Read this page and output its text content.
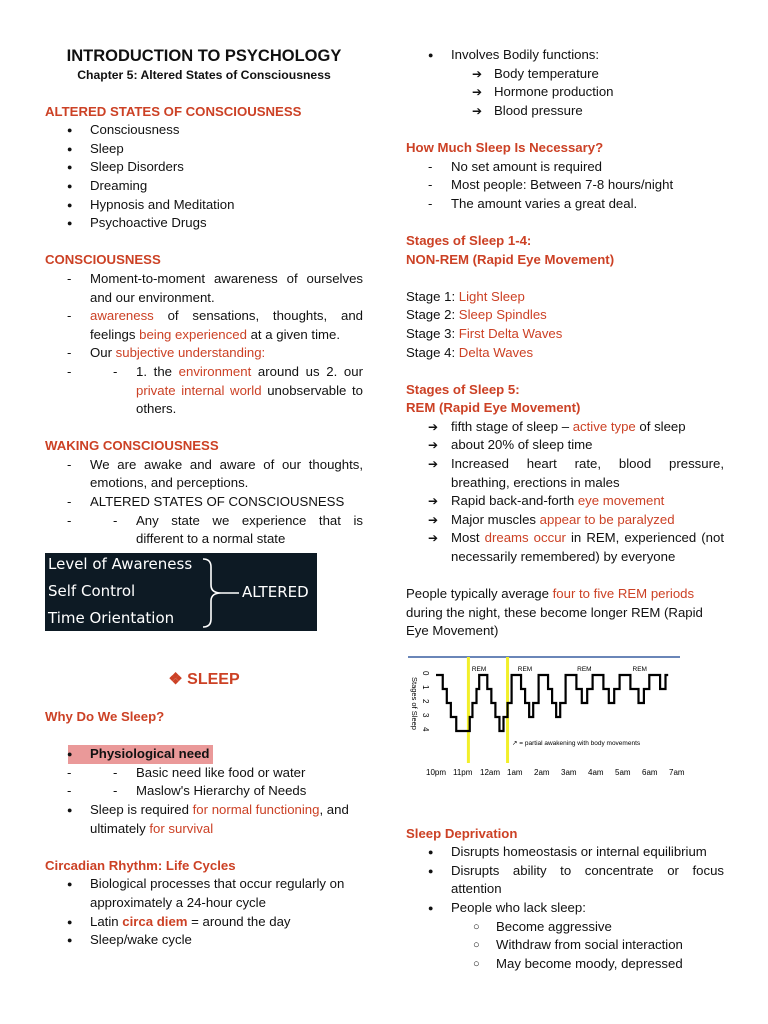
INTRODUCTION TO PSYCHOLOGY

Chapter 5: Altered States of Consciousness

ALTERED STATES OF CONSCIOUSNESS

● Consciousness
● Sleep
● Sleep Disorders
● Dreaming
● Hypnosis and Meditation
● Psychoactive Drugs

CONSCIOUSNESS

- Moment-to-moment awareness of ourselves and our environment.
- awareness of sensations, thoughts, and feelings being experienced at a given time.
- Our subjective understanding:
- - 1. the environment around us 2. our private internal world unobservable to others.

WAKING CONSCIOUSNESS

- We are awake and aware of our thoughts, emotions, and perceptions.
- ALTERED STATES OF CONSCIOUSNESS
- - Any state we experience that is different to a normal state
Level of Awareness
Self Control
Time Orientation
ALTERED

❖ SLEEP

Why Do We Sleep?

● Physiological need
- - Basic need like food or water
- - Maslow's Hierarchy of Needs
● Sleep is required for normal functioning, and ultimately for survival

Circadian Rhythm: Life Cycles

● Biological processes that occur regularly on approximately a 24-hour cycle
● Latin circa diem = around the day
● Sleep/wake cycle
● Involves Bodily functions:
➔ Body temperature
➔ Hormone production
➔ Blood pressure

How Much Sleep Is Necessary?

- No set amount is required
- Most people: Between 7-8 hours/night
- The amount varies a great deal.

Stages of Sleep 1-4:

NON-REM (Rapid Eye Movement)

Stage 1: Light Sleep
Stage 2: Sleep Spindles
Stage 3: First Delta Waves
Stage 4: Delta Waves

Stages of Sleep 5:

REM (Rapid Eye Movement)

➔ fifth stage of sleep – active type of sleep
➔ about 20% of sleep time
➔ Increased heart rate, blood pressure, breathing, erections in males
➔ Rapid back-and-forth eye movement
➔ Major muscles appear to be paralyzed
➔ Most dreams occur in REM, experienced (not necessarily remembered) by everyone

People typically average four to five REM periods during the night, these become longer REM (Rapid Eye Movement)

Stages of Sleep
0
1
2
3
4
REM	REM	REM	REM
↗ = partial awakening with body movements
10pm 11pm 12am 1am 2am 3am 4am 5am 6am 7am

Sleep Deprivation

● Disrupts homeostasis or internal equilibrium
● Disrupts ability to concentrate or focus attention
● People who lack sleep:
○ Become aggressive
○ Withdraw from social interaction
○ May become moody, depressed
